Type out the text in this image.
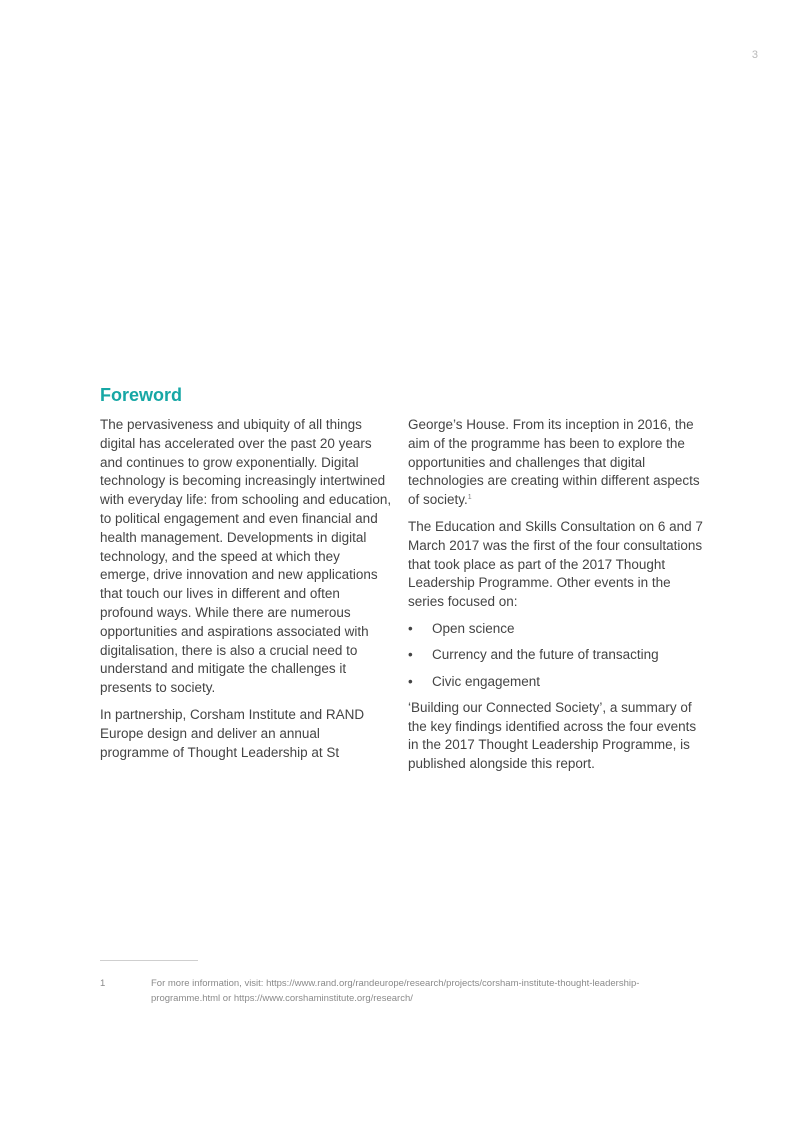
3
Foreword

The pervasiveness and ubiquity of all things digital has accelerated over the past 20 years and continues to grow exponentially. Digital technology is becoming increasingly intertwined with everyday life: from schooling and education, to political engagement and even financial and health management. Developments in digital technology, and the speed at which they emerge, drive innovation and new applications that touch our lives in different and often profound ways. While there are numerous opportunities and aspirations associated with digitalisation, there is also a crucial need to understand and mitigate the challenges it presents to society.

In partnership, Corsham Institute and RAND Europe design and deliver an annual programme of Thought Leadership at St

George’s House. From its inception in 2016, the aim of the programme has been to explore the opportunities and challenges that digital technologies are creating within different aspects of society.$^1$

The Education and Skills Consultation on 6 and 7 March 2017 was the first of the four consultations that took place as part of the 2017 Thought Leadership Programme. Other events in the series focused on:

• Open science
• Currency and the future of transacting
• Civic engagement

‘Building our Connected Society’, a summary of the key findings identified across the four events in the 2017 Thought Leadership Programme, is published alongside this report.

1	For more information, visit: https://www.rand.org/randeurope/research/projects/corsham-institute-thought-leadership-programme.html or https://www.corshaminstitute.org/research/
